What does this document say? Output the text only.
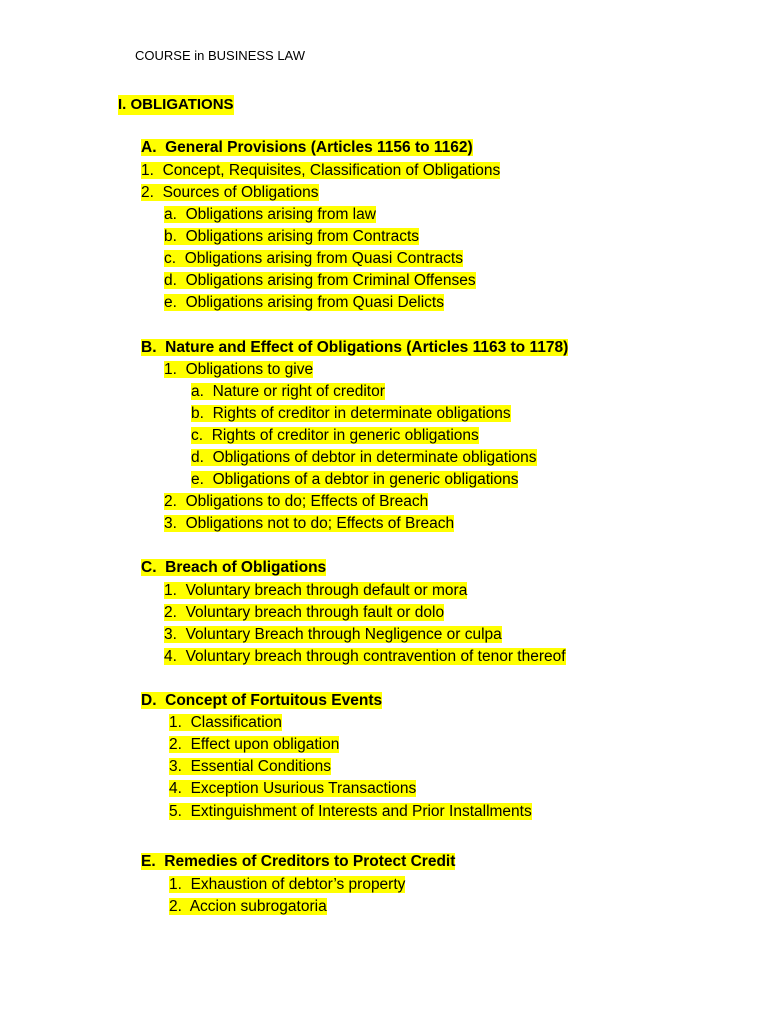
COURSE in BUSINESS LAW
I. OBLIGATIONS
A. General Provisions (Articles 1156 to 1162)
1. Concept, Requisites, Classification of Obligations
2. Sources of Obligations
a. Obligations arising from law
b. Obligations arising from Contracts
c. Obligations arising from Quasi Contracts
d. Obligations arising from Criminal Offenses
e. Obligations arising from Quasi Delicts
B. Nature and Effect of Obligations (Articles 1163 to 1178)
1. Obligations to give
a. Nature or right of creditor
b. Rights of creditor in determinate obligations
c. Rights of creditor in generic obligations
d. Obligations of debtor in determinate obligations
e. Obligations of a debtor in generic obligations
2. Obligations to do; Effects of Breach
3. Obligations not to do; Effects of Breach
C. Breach of Obligations
1. Voluntary breach through default or mora
2. Voluntary breach through fault or dolo
3. Voluntary Breach through Negligence or culpa
4. Voluntary breach through contravention of tenor thereof
D. Concept of Fortuitous Events
1. Classification
2. Effect upon obligation
3. Essential Conditions
4. Exception Usurious Transactions
5. Extinguishment of Interests and Prior Installments
E. Remedies of Creditors to Protect Credit
1. Exhaustion of debtor’s property
2. Accion subrogatoria
